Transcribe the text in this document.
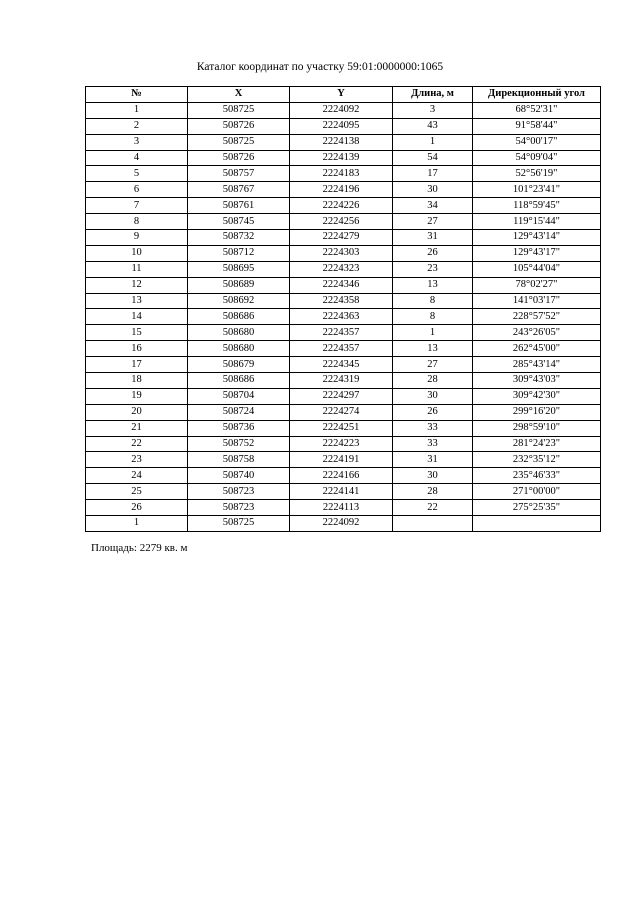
Каталог координат по участку 59:01:0000000:1065
№	X	Y	Длина, м	Дирекционный угол
1	508725	2224092	3	68°52'31"
2	508726	2224095	43	91°58'44"
3	508725	2224138	1	54°00'17"
4	508726	2224139	54	54°09'04"
5	508757	2224183	17	52°56'19"
6	508767	2224196	30	101°23'41"
7	508761	2224226	34	118°59'45"
8	508745	2224256	27	119°15'44"
9	508732	2224279	31	129°43'14"
10	508712	2224303	26	129°43'17"
11	508695	2224323	23	105°44'04"
12	508689	2224346	13	78°02'27"
13	508692	2224358	8	141°03'17"
14	508686	2224363	8	228°57'52"
15	508680	2224357	1	243°26'05"
16	508680	2224357	13	262°45'00"
17	508679	2224345	27	285°43'14"
18	508686	2224319	28	309°43'03"
19	508704	2224297	30	309°42'30"
20	508724	2224274	26	299°16'20"
21	508736	2224251	33	298°59'10"
22	508752	2224223	33	281°24'23"
23	508758	2224191	31	232°35'12"
24	508740	2224166	30	235°46'33"
25	508723	2224141	28	271°00'00"
26	508723	2224113	22	275°25'35"
1	508725	2224092		
Площадь: 2279 кв. м
